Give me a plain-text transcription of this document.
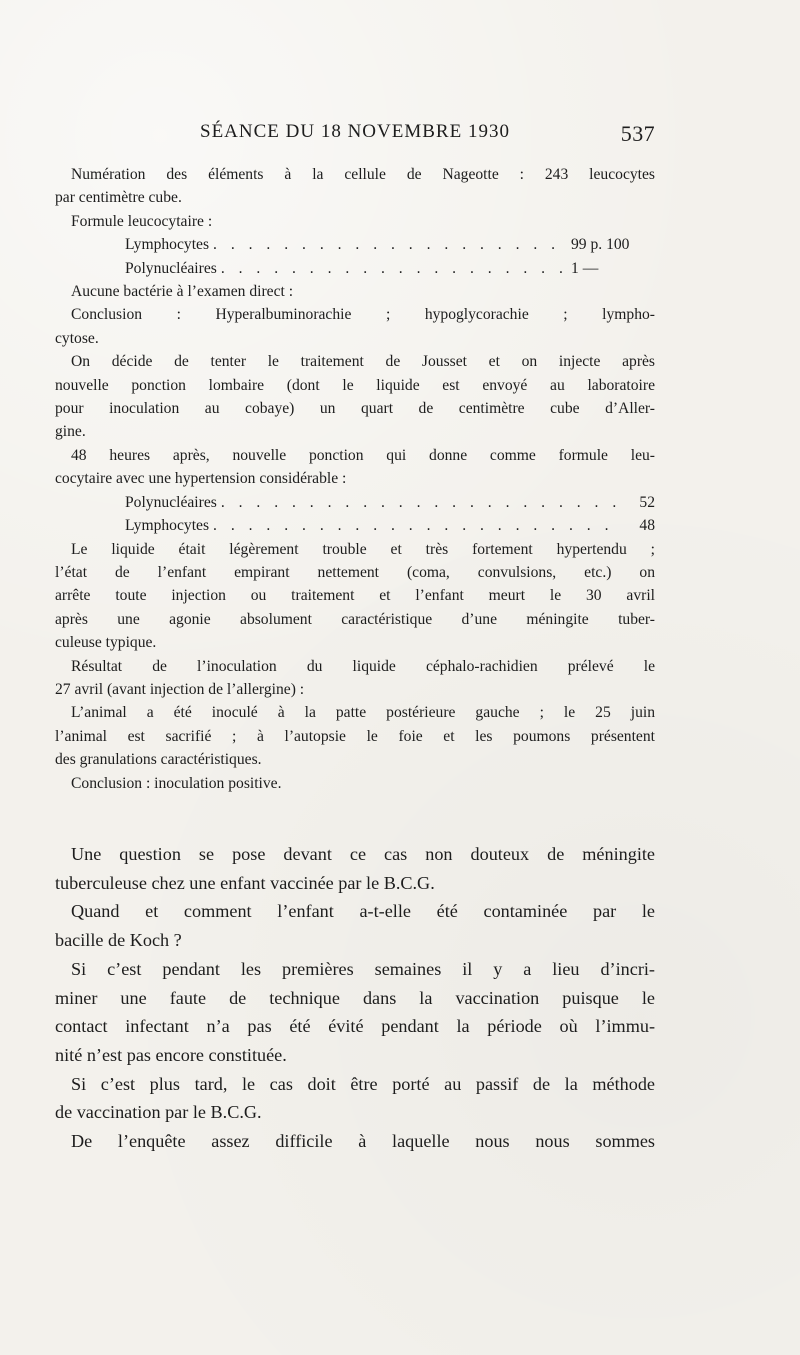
SÉANCE DU 18 NOVEMBRE 1930	537
Numération des éléments à la cellule de Nageotte : 243 leucocytes
par centimètre cube.
Formule leucocytaire :
Lymphocytes . . .	99 p. 100
Polynucléaires . . .	1 —
Aucune bactérie à l’examen direct :
Conclusion : Hyperalbuminorachie ; hypoglycorachie ; lympho-
cytose.
On décide de tenter le traitement de Jousset et on injecte après
nouvelle ponction lombaire (dont le liquide est envoyé au laboratoire
pour inoculation au cobaye) un quart de centimètre cube d’Aller-
gine.
48 heures après, nouvelle ponction qui donne comme formule leu-
cocytaire avec une hypertension considérable :
Polynucléaires . . .	52
Lymphocytes . . .	48
Le liquide était légèrement trouble et très fortement hypertendu ;
l’état de l’enfant empirant nettement (coma, convulsions, etc.) on
arrête toute injection ou traitement et l’enfant meurt le 30 avril
après une agonie absolument caractéristique d’une méningite tuber-
culeuse typique.
Résultat de l’inoculation du liquide céphalo-rachidien prélevé le
27 avril (avant injection de l’allergine) :
L’animal a été inoculé à la patte postérieure gauche ; le 25 juin
l’animal est sacrifié ; à l’autopsie le foie et les poumons présentent
des granulations caractéristiques.
Conclusion : inoculation positive.
Une question se pose devant ce cas non douteux de méningite
tuberculeuse chez une enfant vaccinée par le B.C.G.
Quand et comment l’enfant a-t-elle été contaminée par le
bacille de Koch ?
Si c’est pendant les premières semaines il y a lieu d’incri-
miner une faute de technique dans la vaccination puisque le
contact infectant n’a pas été évité pendant la période où l’immu-
nité n’est pas encore constituée.
Si c’est plus tard, le cas doit être porté au passif de la méthode
de vaccination par le B.C.G.
De l’enquête assez difficile à laquelle nous nous sommes
